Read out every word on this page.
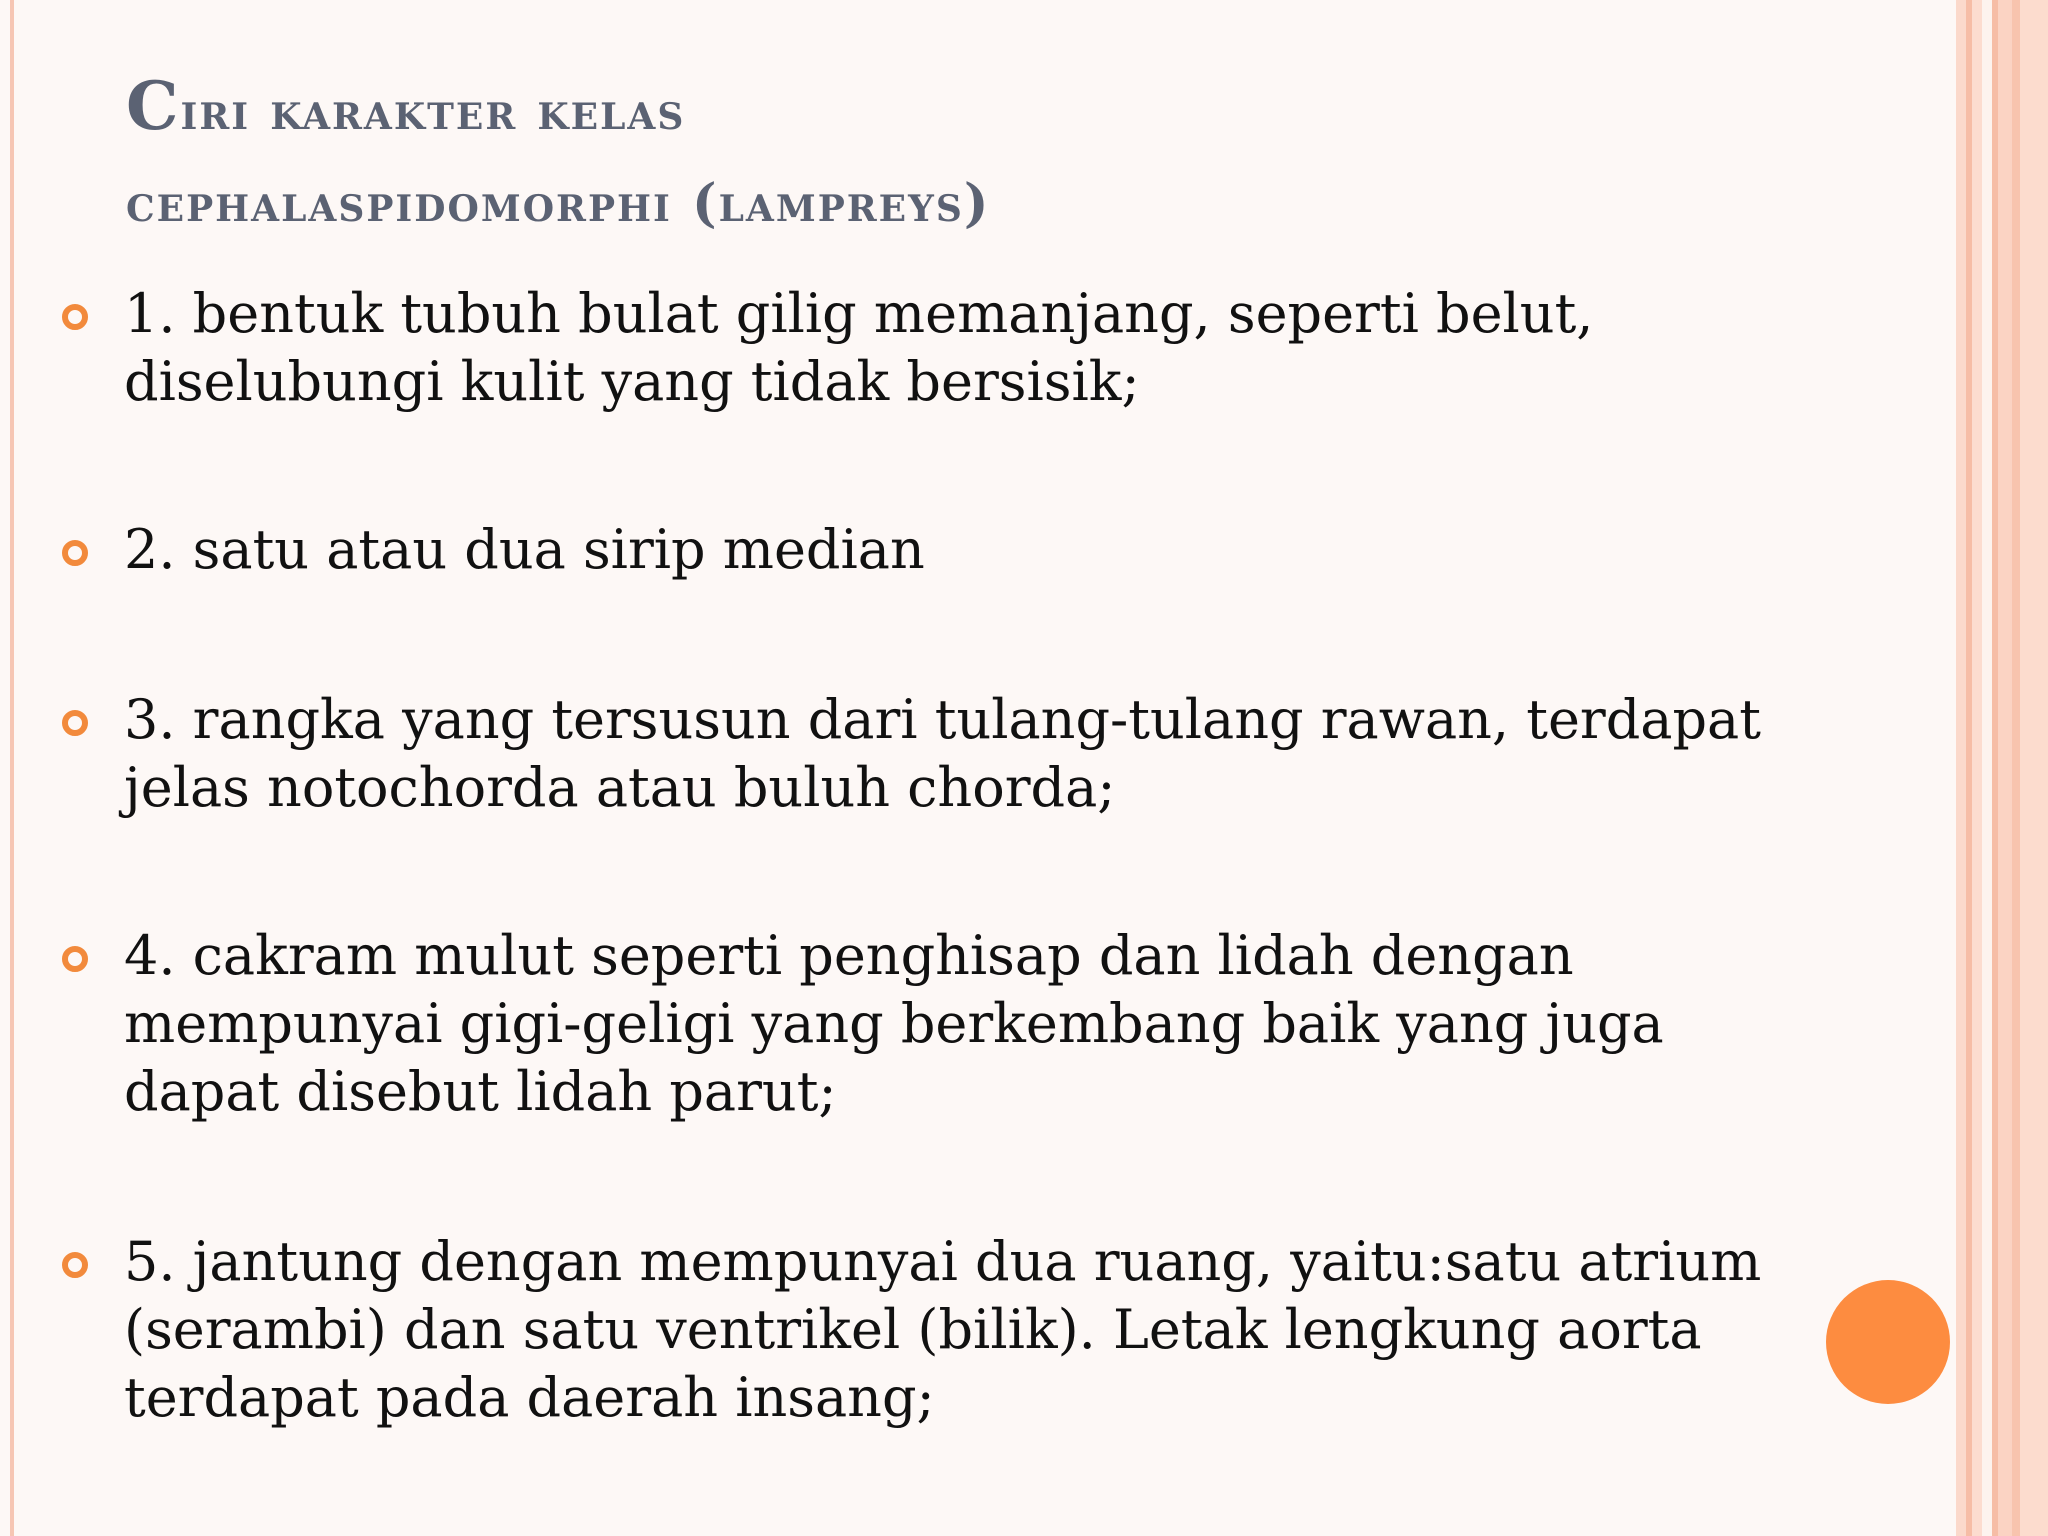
Ciri karakter kelas
cephalaspidomorphi (lampreys)
1. bentuk tubuh bulat gilig memanjang, seperti belut,
diselubungi kulit yang tidak bersisik;
2. satu atau dua sirip median
3. rangka yang tersusun dari tulang-tulang rawan, terdapat
jelas notochorda atau buluh chorda;
4. cakram mulut seperti penghisap dan lidah dengan
mempunyai gigi-geligi yang berkembang baik yang juga
dapat disebut lidah parut;
5. jantung dengan mempunyai dua ruang, yaitu:satu atrium
(serambi) dan satu ventrikel (bilik). Letak lengkung aorta
terdapat pada daerah insang;
